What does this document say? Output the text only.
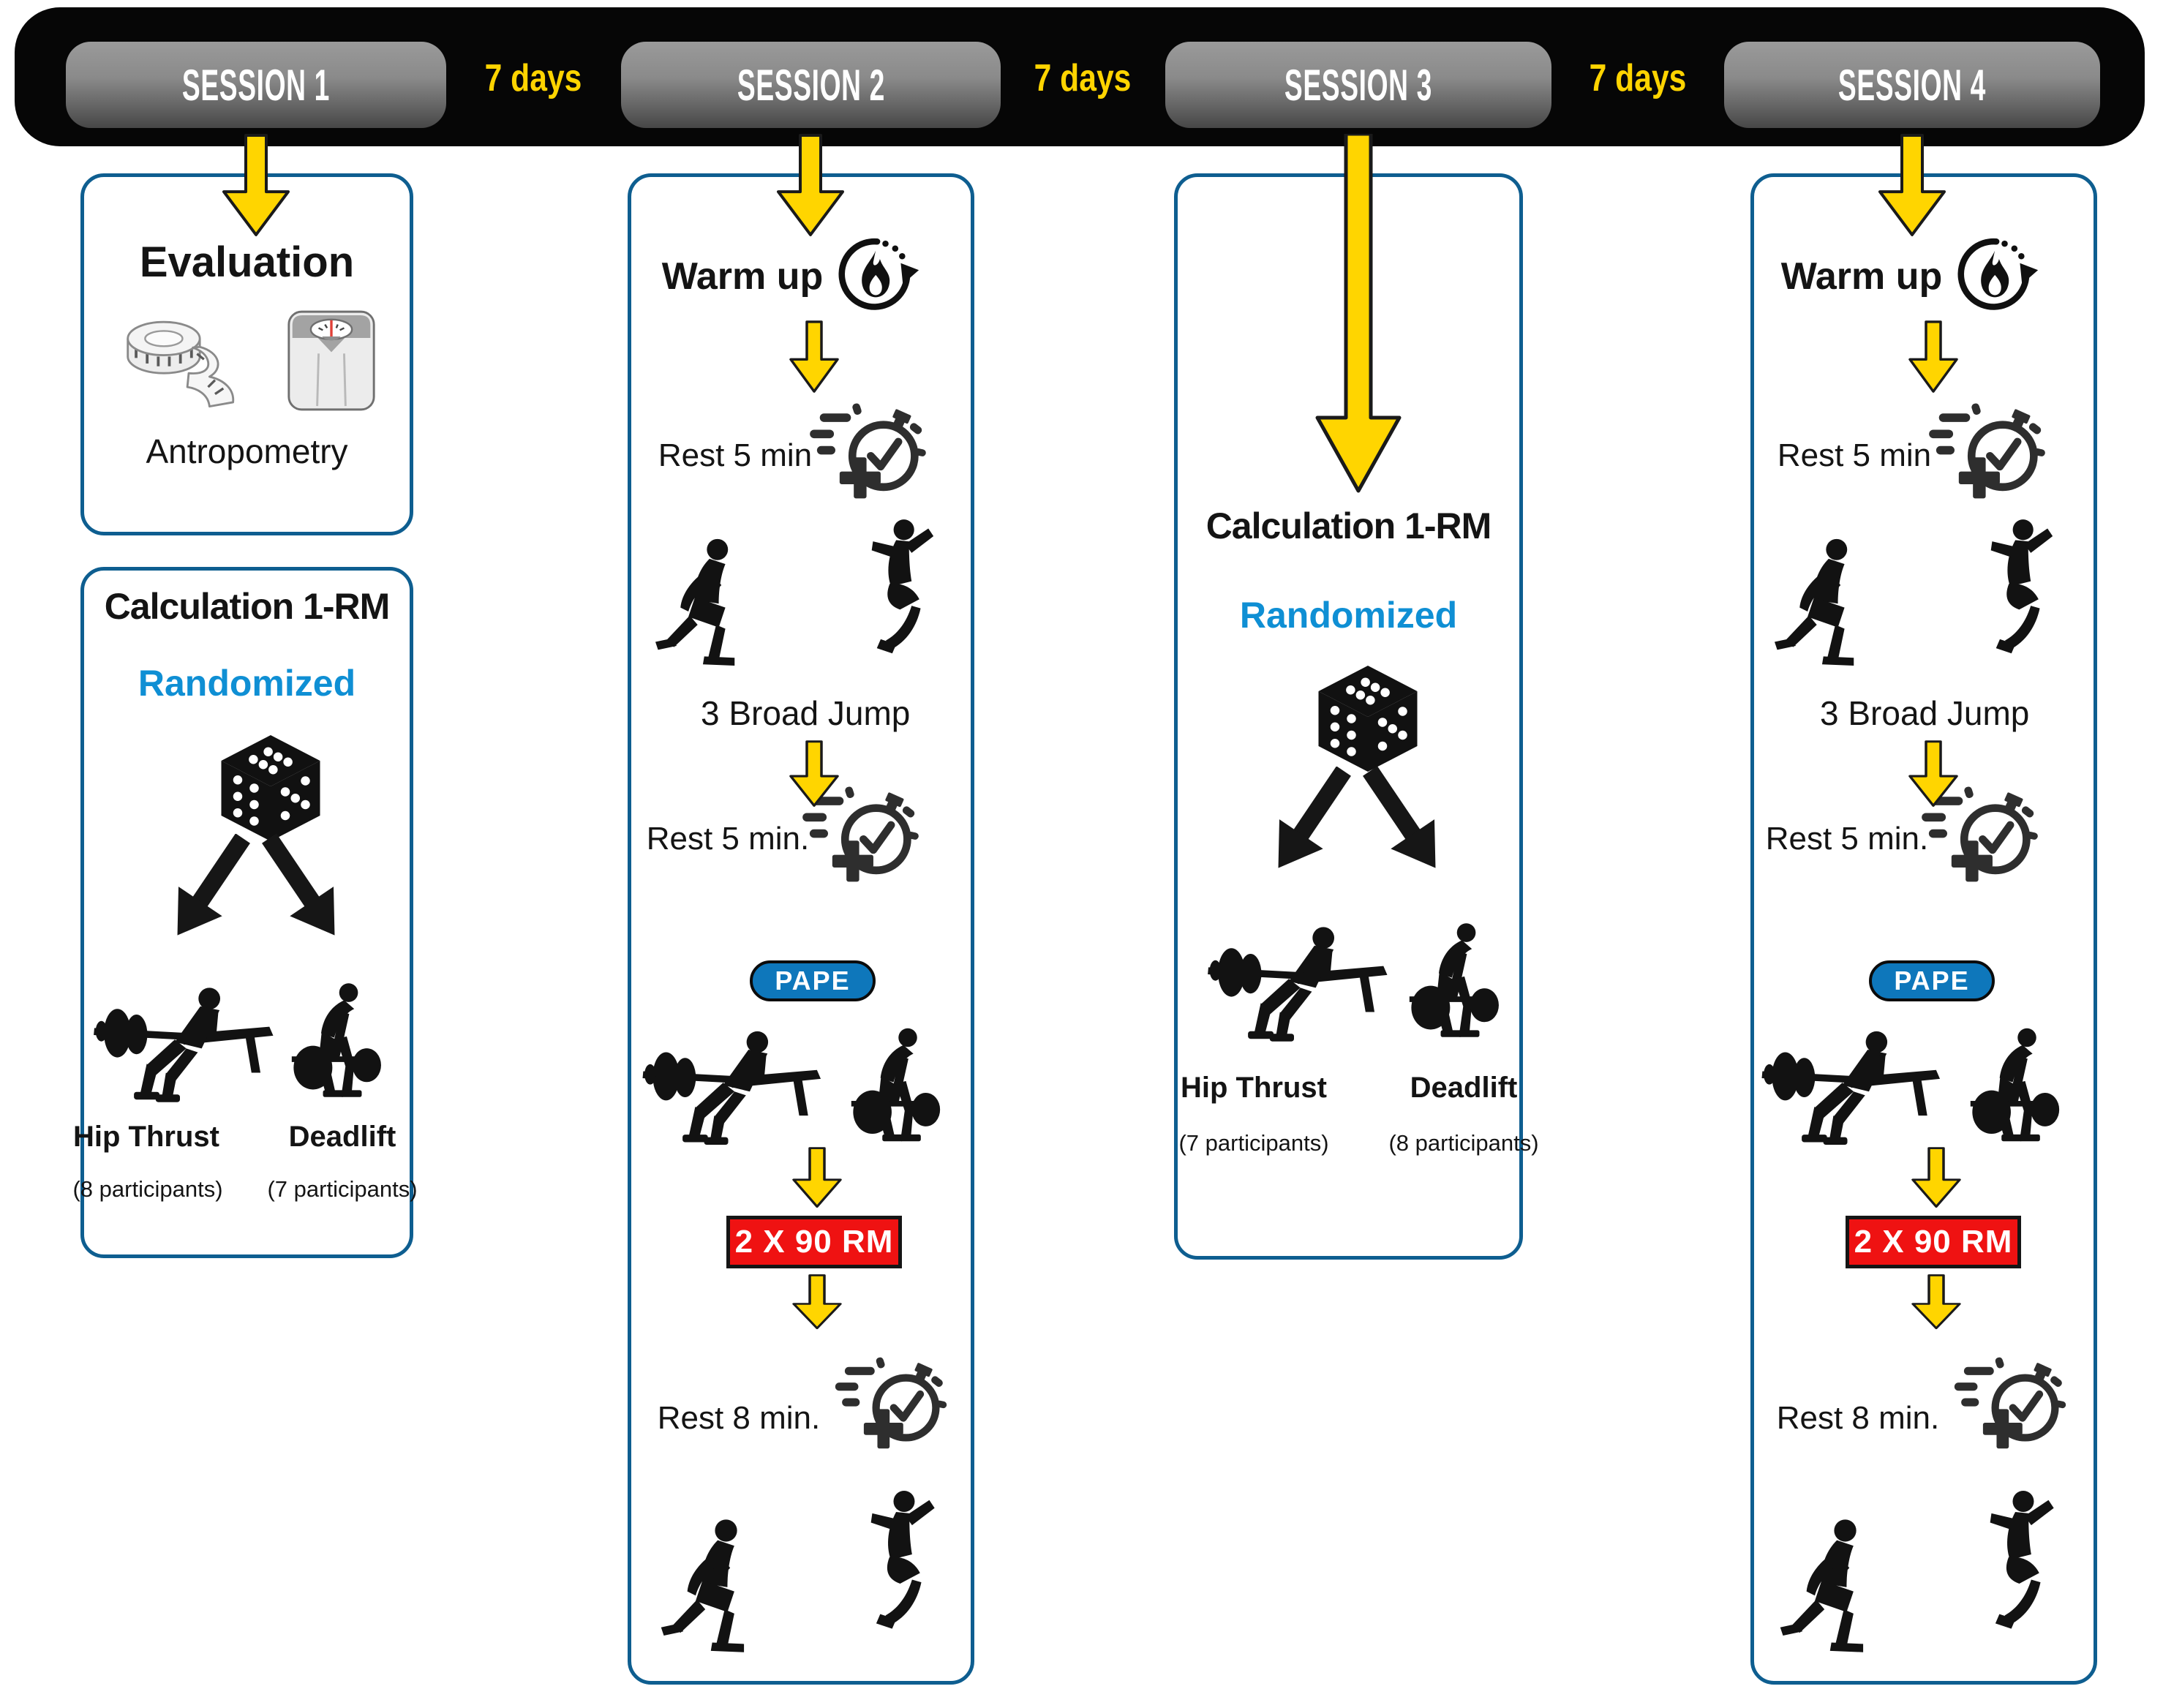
SESSION 1	7 days	SESSION 2	7 days	SESSION 3	7 days	SESSION 4
Evaluation
Antropometry
Calculation 1-RM
Randomized
Hip Thrust	Deadlift
(8 participants)	(7 participants)
Warm up
Rest 5 min
3 Broad Jump
Rest 5 min.
PAPE
2 X 90 RM
Rest 8 min.
Calculation 1-RM
Randomized
Hip Thrust	Deadlift
(7 participants)	(8 participants)
Warm up
Rest 5 min
3 Broad Jump
Rest 5 min.
PAPE
2 X 90 RM
Rest 8 min.
